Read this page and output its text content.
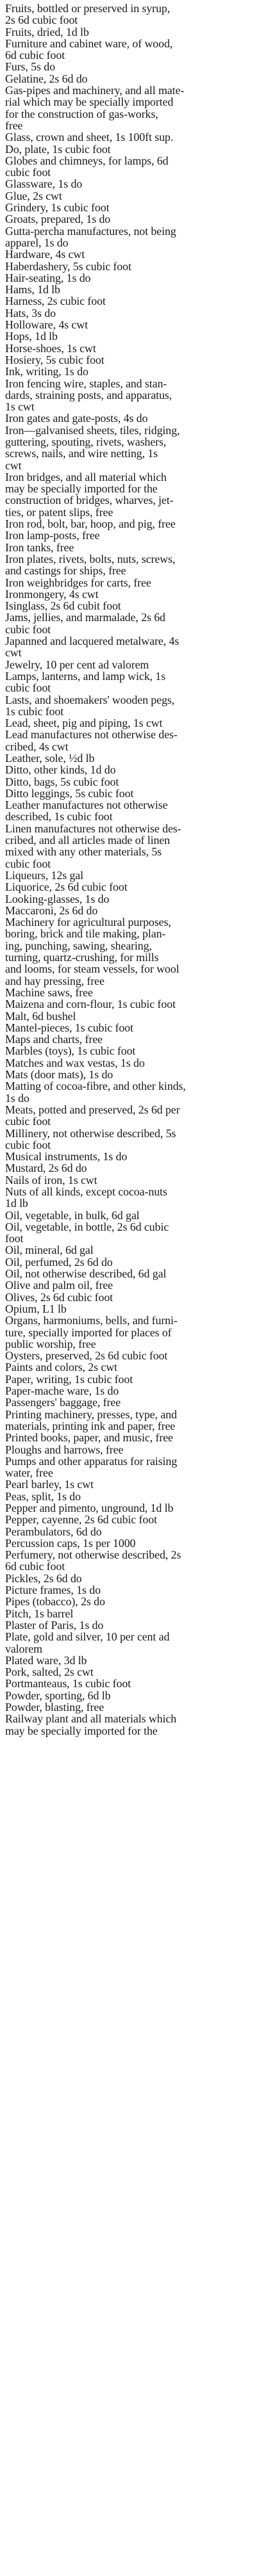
Fruits, bottled or preserved in syrup,
2s 6d cubic foot

Fruits, dried, 1d lb

Furniture and cabinet ware, of wood,
6d cubic foot

Furs, 5s do

Gelatine, 2s 6d do

Gas-pipes and machinery, and all mate-
rial which may be specially imported
for the construction of gas-works,
free

Glass, crown and sheet, 1s 100ft sup.

Do, plate, 1s cubic foot

Globes and chimneys, for lamps, 6d
cubic foot

Glassware, 1s do

Glue, 2s cwt

Grindery, 1s cubic foot

Groats, prepared, 1s do

Gutta-percha manufactures, not being
apparel, 1s do

Hardware, 4s cwt

Haberdashery, 5s cubic foot

Hair-seating, 1s do

Hams, 1d lb

Harness, 2s cubic foot

Hats, 3s do

Holloware, 4s cwt

Hops, 1d lb

Horse-shoes, 1s cwt

Hosiery, 5s cubic foot

Ink, writing, 1s do

Iron fencing wire, staples, and stan-
dards, straining posts, and apparatus,
1s cwt

Iron gates and gate-posts, 4s do

Iron—galvanised sheets, tiles, ridging,
guttering, spouting, rivets, washers,
screws, nails, and wire netting, 1s
cwt

Iron bridges, and all material which
may be specially imported for the
construction of bridges, wharves, jet-
ties, or patent slips, free

Iron rod, bolt, bar, hoop, and pig, free

Iron lamp-posts, free

Iron tanks, free

Iron plates, rivets, bolts, nuts, screws,
and castings for ships, free

Iron weighbridges for carts, free

Ironmongery, 4s cwt

Isinglass, 2s 6d cubit foot

Jams, jellies, and marmalade, 2s 6d
cubic foot

Japanned and lacquered metalware, 4s
cwt

Jewelry, 10 per cent ad valorem

Lamps, lanterns, and lamp wick, 1s
cubic foot

Lasts, and shoemakers' wooden pegs,
1s cubic foot

Lead, sheet, pig and piping, 1s cwt

Lead manufactures not otherwise des-
cribed, 4s cwt

Leather, sole, ½d lb

Ditto, other kinds, 1d do

Ditto, bags, 5s cubic foot

Ditto leggings, 5s cubic foot

Leather manufactures not otherwise
described, 1s cubic foot

Linen manufactures not otherwise des-
cribed, and all articles made of linen
mixed with any other materials, 5s
cubic foot

Liqueurs, 12s gal

Liquorice, 2s 6d cubic foot

Looking-glasses, 1s do

Maccaroni, 2s 6d do

Machinery for agricultural purposes,
boring, brick and tile making, plan-
ing, punching, sawing, shearing,
turning, quartz-crushing, for mills
and looms, for steam vessels, for wool
and hay pressing, free

Machine saws, free

Maizena and corn-flour, 1s cubic foot

Malt, 6d bushel

Mantel-pieces, 1s cubic foot

Maps and charts, free

Marbles (toys), 1s cubic foot

Matches and wax vestas, 1s do

Mats (door mats), 1s do

Matting of cocoa-fibre, and other kinds,
1s do

Meats, potted and preserved, 2s 6d per
cubic foot

Millinery, not otherwise described, 5s
cubic foot

Musical instruments, 1s do

Mustard, 2s 6d do

Nails of iron, 1s cwt

Nuts of all kinds, except cocoa-nuts
1d lb

Oil, vegetable, in bulk, 6d gal

Oil, vegetable, in bottle, 2s 6d cubic
foot

Oil, mineral, 6d gal

Oil, perfumed, 2s 6d do

Oil, not otherwise described, 6d gal

Olive and palm oil, free

Olives, 2s 6d cubic foot

Opium, L1 lb

Organs, harmoniums, bells, and furni-
ture, specially imported for places of
public worship, free

Oysters, preserved, 2s 6d cubic foot

Paints and colors, 2s cwt

Paper, writing, 1s cubic foot

Paper-mache ware, 1s do

Passengers' baggage, free

Printing machinery, presses, type, and
materials, printing ink and paper, free

Printed books, paper, and music, free

Ploughs and harrows, free

Pumps and other apparatus for raising
water, free

Pearl barley, 1s cwt

Peas, split, 1s do

Pepper and pimento, unground, 1d lb

Pepper, cayenne, 2s 6d cubic foot

Perambulators, 6d do

Percussion caps, 1s per 1000

Perfumery, not otherwise described, 2s
6d cubic foot

Pickles, 2s 6d do

Picture frames, 1s do

Pipes (tobacco), 2s do

Pitch, 1s barrel

Plaster of Paris, 1s do

Plate, gold and silver, 10 per cent ad
valorem

Plated ware, 3d lb

Pork, salted, 2s cwt

Portmanteaus, 1s cubic foot

Powder, sporting, 6d lb

Powder, blasting, free

Railway plant and all materials which
may be specially imported for the
